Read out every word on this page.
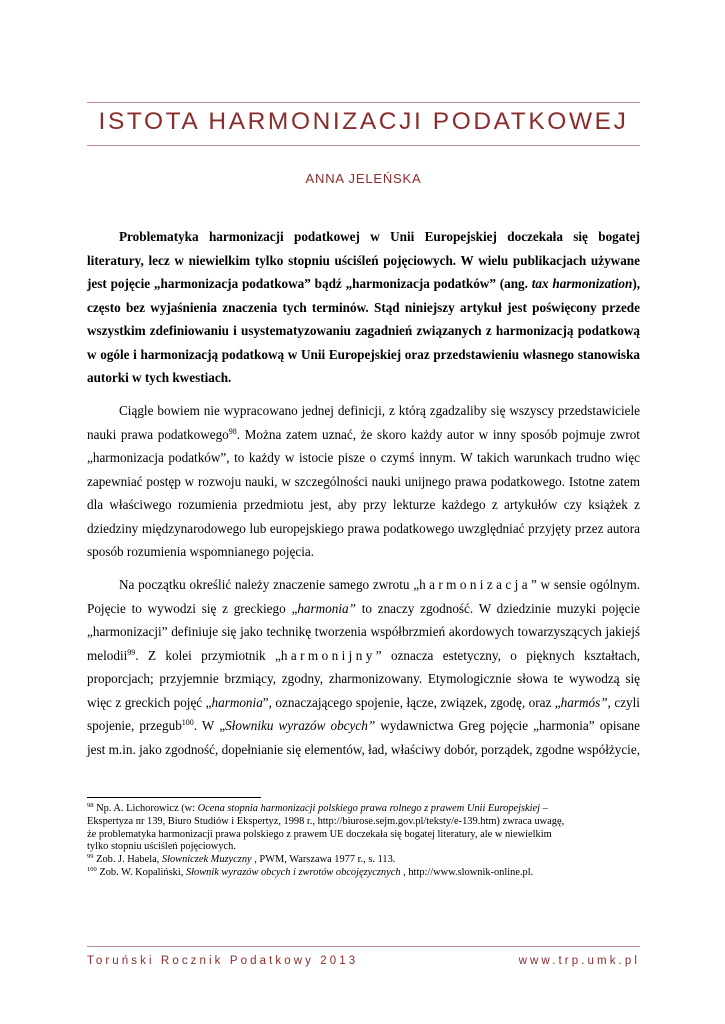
ISTOTA HARMONIZACJI PODATKOWEJ
ANNA JELEŃSKA
Problematyka harmonizacji podatkowej w Unii Europejskiej doczekała się bogatej
literatury, lecz w niewielkim tylko stopniu uściśleń pojęciowych. W wielu publikacjach używane
jest pojęcie „harmonizacja podatkowa” bądź „harmonizacja podatków” (ang. tax harmonization),
często bez wyjaśnienia znaczenia tych terminów. Stąd niniejszy artykuł jest poświęcony przede
wszystkim zdefiniowaniu i usystematyzowaniu zagadnień związanych z harmonizacją podatkową
w ogóle i harmonizacją podatkową w Unii Europejskiej oraz przedstawieniu własnego stanowiska
autorki w tych kwestiach.
Ciągle bowiem nie wypracowano jednej definicji, z którą zgadzaliby się wszyscy przedstawiciele
nauki prawa podatkowego$^{98}$. Można zatem uznać, że skoro każdy autor w inny sposób pojmuje zwrot
„harmonizacja podatków”, to każdy w istocie pisze o czymś innym. W takich warunkach trudno więc
zapewniać postęp w rozwoju nauki, w szczególności nauki unijnego prawa podatkowego. Istotne zatem
dla właściwego rozumienia przedmiotu jest, aby przy lekturze każdego z artykułów czy książek z
dziedziny międzynarodowego lub europejskiego prawa podatkowego uwzględniać przyjęty przez autora
sposób rozumienia wspomnianego pojęcia.
Na początku określić należy znaczenie samego zwrotu „harmonizacja” w sensie ogólnym.
Pojęcie to wywodzi się z greckiego „harmonia” to znaczy zgodność. W dziedzinie muzyki pojęcie
„harmonizacji” definiuje się jako technikę tworzenia współbrzmień akordowych towarzyszących jakiejś
melodii$^{99}$. Z kolei przymiotnik „harmonijny” oznacza estetyczny, o pięknych kształtach,
proporcjach; przyjemnie brzmiący, zgodny, zharmonizowany. Etymologicznie słowa te wywodzą się
więc z greckich pojęć „harmonia”, oznaczającego spojenie, łącze, związek, zgodę, oraz „harmós”, czyli
spojenie, przegub$^{100}$. W „Słowniku wyrazów obcych” wydawnictwa Greg pojęcie „harmonia” opisane
jest m.in. jako zgodność, dopełnianie się elementów, ład, właściwy dobór, porządek, zgodne współżycie,
$^{98}$ Np. A. Lichorowicz (w: Ocena stopnia harmonizacji polskiego prawa rolnego z prawem Unii Europejskiej –
Ekspertyza nr 139, Biuro Studiów i Ekspertyz, 1998 r., http://biurose.sejm.gov.pl/teksty/e-139.htm) zwraca uwagę,
że problematyka harmonizacji prawa polskiego z prawem UE doczekała się bogatej literatury, ale w niewielkim
tylko stopniu uściśleń pojęciowych.
$^{99}$ Zob. J. Habela, Słowniczek Muzyczny , PWM, Warszawa 1977 r., s. 113.
$^{100}$ Zob. W. Kopaliński, Słownik wyrazów obcych i zwrotów obcojęzycznych , http://www.slownik-online.pl.
Toruński Rocznik Podatkowy 2013	www.trp.umk.pl
